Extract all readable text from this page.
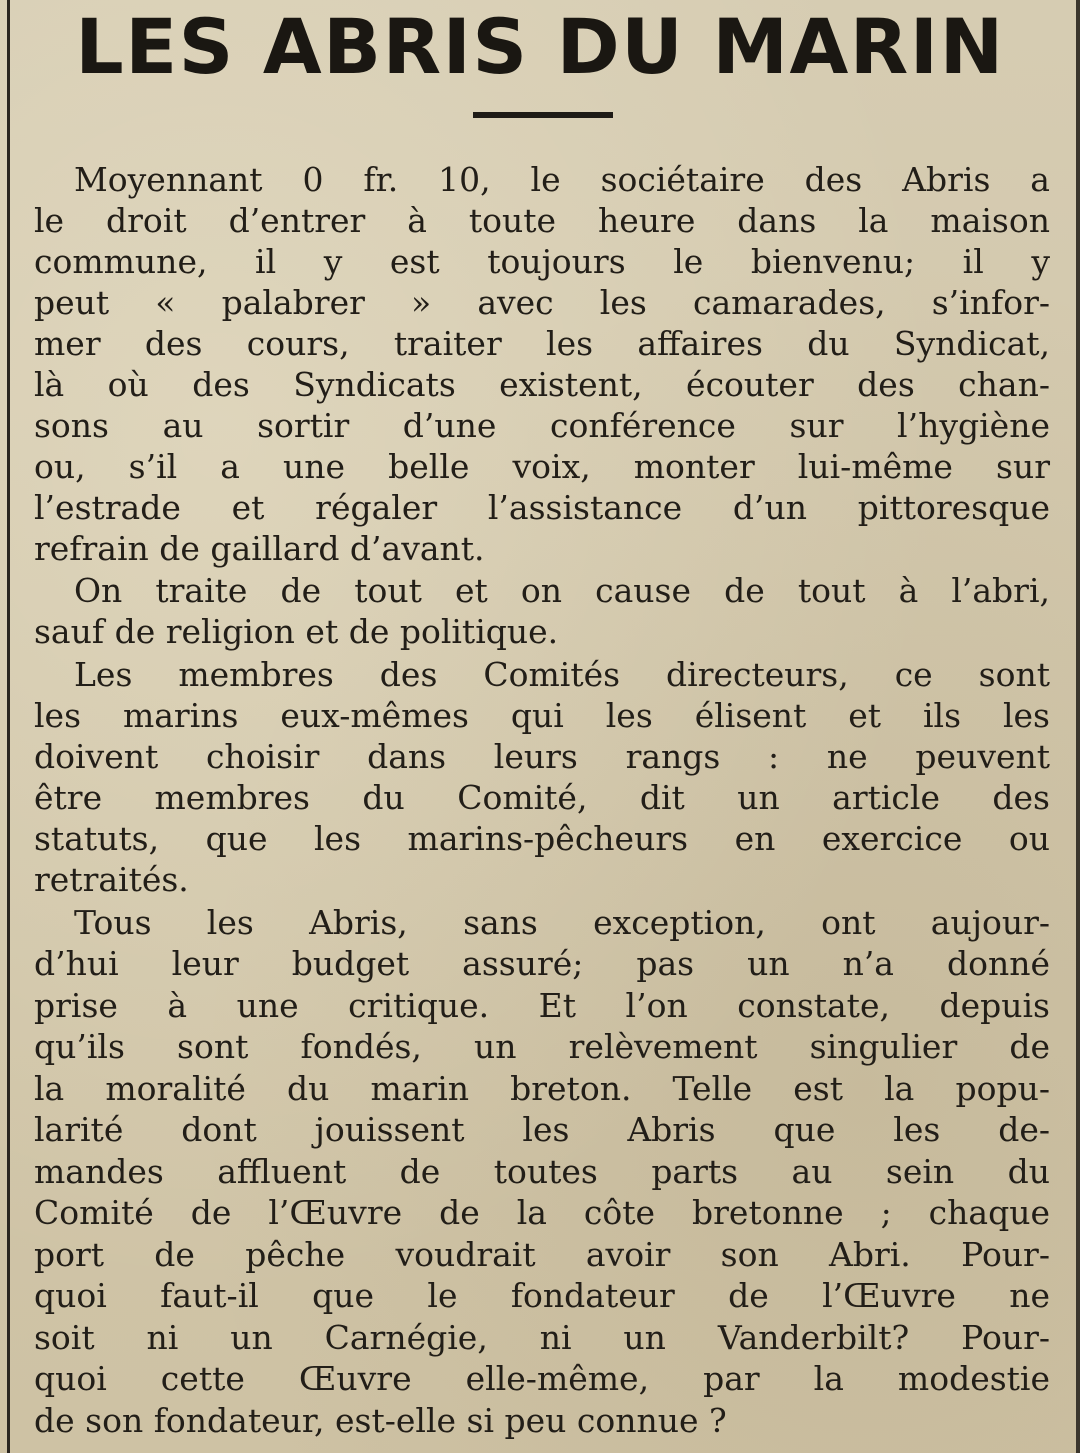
LES ABRIS DU MARIN
Moyennant 0 fr. 10, le sociétaire des Abris a
le droit d’entrer à toute heure dans la maison
commune, il y est toujours le bienvenu; il y
peut « palabrer » avec les camarades, s’infor-
mer des cours, traiter les affaires du Syndicat,
là où des Syndicats existent, écouter des chan-
sons au sortir d’une conférence sur l’hygiène
ou, s’il a une belle voix, monter lui-même sur
l’estrade et régaler l’assistance d’un pittoresque
refrain de gaillard d’avant.
On traite de tout et on cause de tout à l’abri,
sauf de religion et de politique.
Les membres des Comités directeurs, ce sont
les marins eux-mêmes qui les élisent et ils les
doivent choisir dans leurs rangs : ne peuvent
être membres du Comité, dit un article des
statuts, que les marins-pêcheurs en exercice ou
retraités.
Tous les Abris, sans exception, ont aujour-
d’hui leur budget assuré; pas un n’a donné
prise à une critique. Et l’on constate, depuis
qu’ils sont fondés, un relèvement singulier de
la moralité du marin breton. Telle est la popu-
larité dont jouissent les Abris que les de-
mandes affluent de toutes parts au sein du
Comité de l’Œuvre de la côte bretonne ; chaque
port de pêche voudrait avoir son Abri. Pour-
quoi faut-il que le fondateur de l’Œuvre ne
soit ni un Carnégie, ni un Vanderbilt? Pour-
quoi cette Œuvre elle-même, par la modestie
de son fondateur, est-elle si peu connue ?
